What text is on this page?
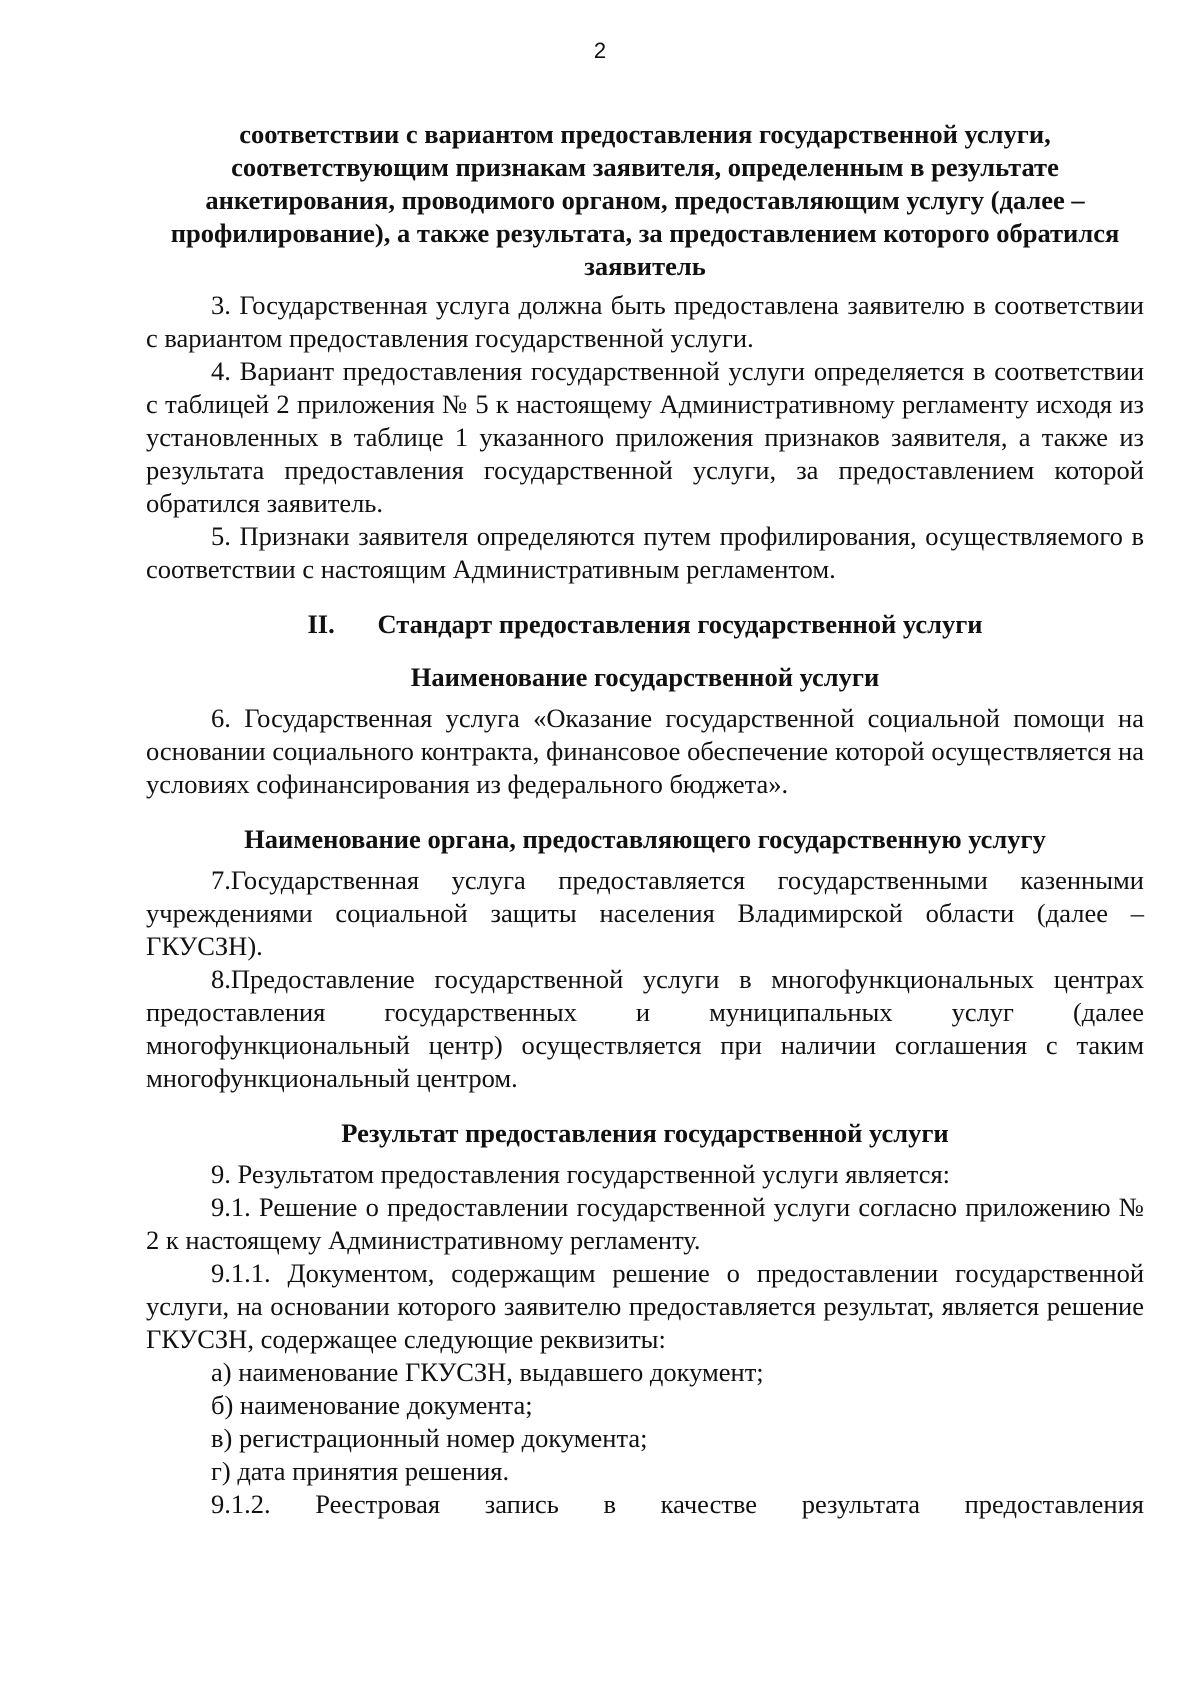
2

соответствии с вариантом предоставления государственной услуги, соответствующим признакам заявителя, определенным в результате анкетирования, проводимого органом, предоставляющим услугу (далее – профилирование), а также результата, за предоставлением которого обратился заявитель

3. Государственная услуга должна быть предоставлена заявителю в соответствии с вариантом предоставления государственной услуги.

4. Вариант предоставления государственной услуги определяется в соответствии с таблицей 2 приложения № 5 к настоящему Административному регламенту исходя из установленных в таблице 1 указанного приложения признаков заявителя, а также из результата предоставления государственной услуги, за предоставлением которой обратился заявитель.

5. Признаки заявителя определяются путем профилирования, осуществляемого в соответствии с настоящим Административным регламентом.

II. Стандарт предоставления государственной услуги

Наименование государственной услуги

6. Государственная услуга «Оказание государственной социальной помощи на основании социального контракта, финансовое обеспечение которой осуществляется на условиях софинансирования из федерального бюджета».

Наименование органа, предоставляющего государственную услугу

7.Государственная услуга предоставляется государственными казенными учреждениями социальной защиты населения Владимирской области (далее – ГКУСЗН).

8.Предоставление государственной услуги в многофункциональных центрах предоставления государственных и муниципальных услуг (далее многофункциональный центр) осуществляется при наличии соглашения с таким многофункциональный центром.

Результат предоставления государственной услуги

9. Результатом предоставления государственной услуги является:

9.1. Решение о предоставлении государственной услуги согласно приложению № 2 к настоящему Административному регламенту.

9.1.1. Документом, содержащим решение о предоставлении государственной услуги, на основании которого заявителю предоставляется результат, является решение ГКУСЗН, содержащее следующие реквизиты:

а) наименование ГКУСЗН, выдавшего документ;

б) наименование документа;

в) регистрационный номер документа;

г) дата принятия решения.

9.1.2. Реестровая запись в качестве результата предоставления
